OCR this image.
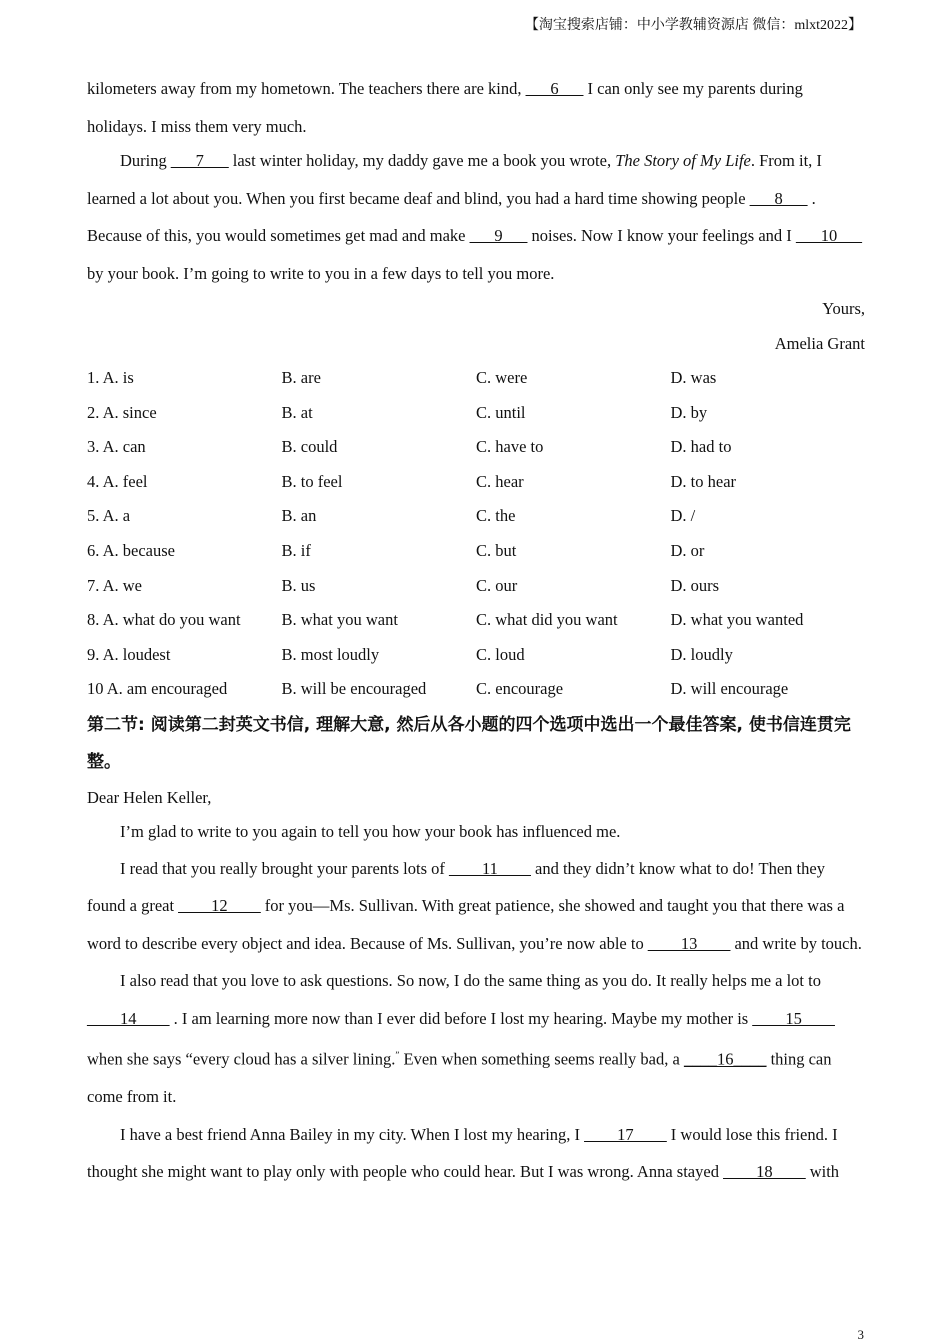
【淘宝搜索店铺：中小学教辅资源店 微信：mlxt2022】

kilometers away from my hometown. The teachers there are kind, ___6___ I can only see my parents during holidays. I miss them very much.

During ___7___ last winter holiday, my daddy gave me a book you wrote, The Story of My Life. From it, I learned a lot about you. When you first became deaf and blind, you had a hard time showing people ___8___ . Because of this, you would sometimes get mad and make ___9___ noises. Now I know your feelings and I ___10___ by your book. I’m going to write to you in a few days to tell you more.

Yours,
Amelia Grant
1. A. is	B. are	C. were	D. was
2. A. since	B. at	C. until	D. by
3. A. can	B. could	C. have to	D. had to
4. A. feel	B. to feel	C. hear	D. to hear
5. A. a	B. an	C. the	D. /
6. A. because	B. if	C. but	D. or
7. A. we	B. us	C. our	D. ours
8. A. what do you want	B. what you want	C. what did you want	D. what you wanted
9. A. loudest	B. most loudly	C. loud	D. loudly
10 A. am encouraged	B. will be encouraged	C. encourage	D. will encourage

第二节: 阅读第二封英文书信, 理解大意, 然后从各小题的四个选项中选出一个最佳答案, 使书信连贯完整。

Dear Helen Keller,

I’m glad to write to you again to tell you how your book has influenced me.

I read that you really brought your parents lots of ____11____ and they didn’t know what to do! Then they found a great ____12____ for you—Ms. Sullivan. With great patience, she showed and taught you that there was a word to describe every object and idea. Because of Ms. Sullivan, you’re now able to ____13____ and write by touch.

I also read that you love to ask questions. So now, I do the same thing as you do. It really helps me a lot to ____14____ . I am learning more now than I ever did before I lost my hearing. Maybe my mother is ____15____ when she says “every cloud has a silver lining.” Even when something seems really bad, a ____16____ thing can come from it.

I have a best friend Anna Bailey in my city. When I lost my hearing, I ____17____ I would lose this friend. I thought she might want to play only with people who could hear. But I was wrong. Anna stayed ____18____ with

3
